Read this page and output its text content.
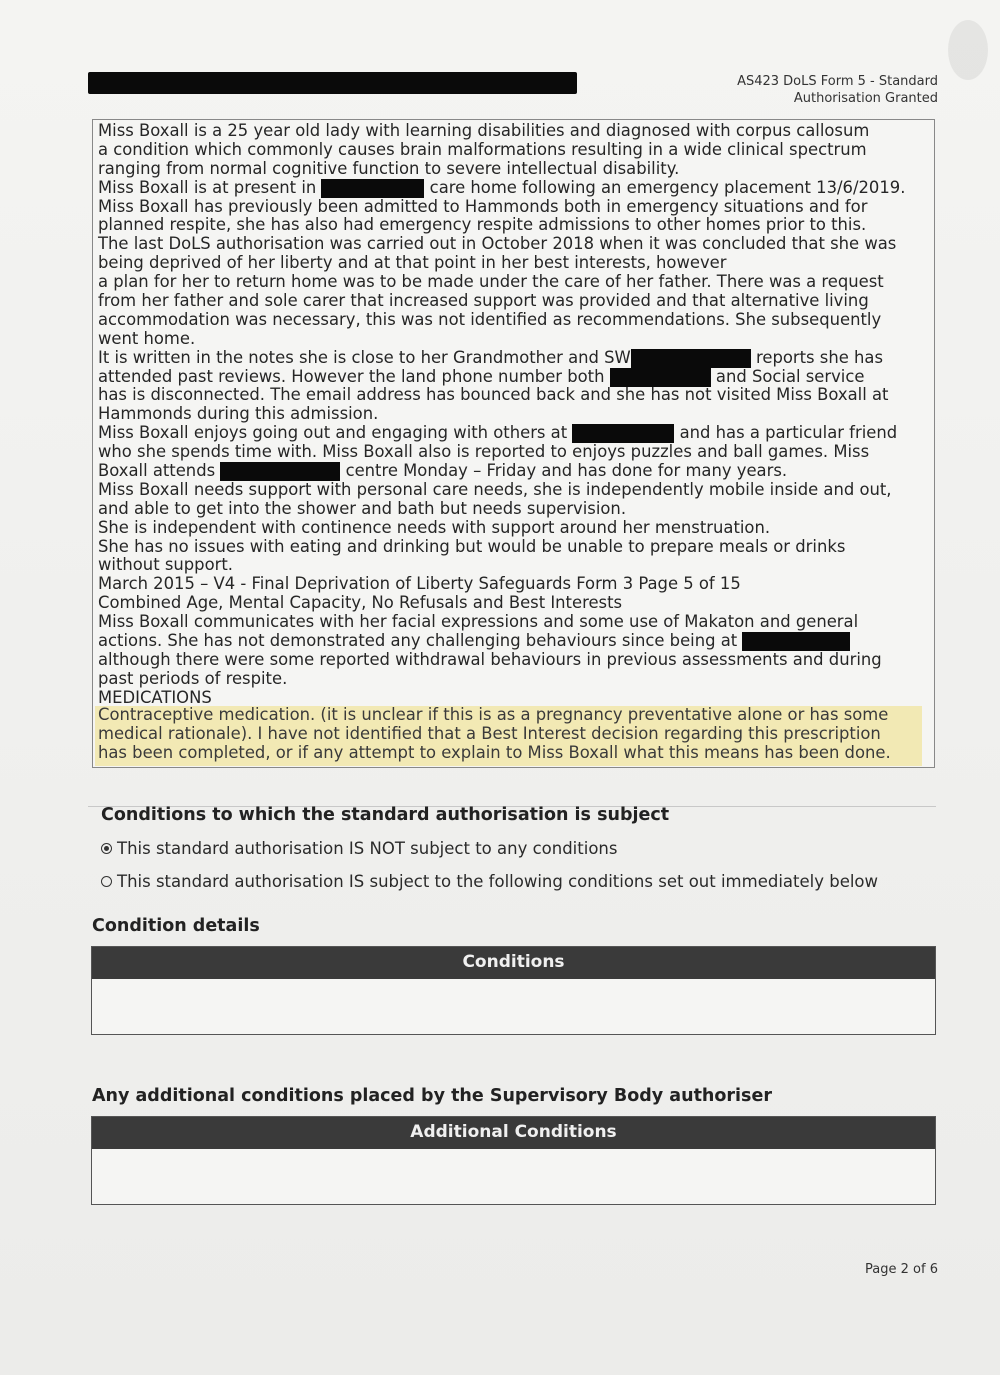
AS423 DoLS Form 5 - Standard
Authorisation Granted
Miss Boxall is a 25 year old lady with learning disabilities and diagnosed with corpus callosum
a condition which commonly causes brain malformations resulting in a wide clinical spectrum
ranging from normal cognitive function to severe intellectual disability.
Miss Boxall is at present in	care home following an emergency placement 13/6/2019.
Miss Boxall has previously been admitted to Hammonds both in emergency situations and for
planned respite, she has also had emergency respite admissions to other homes prior to this.
The last DoLS authorisation was carried out in October 2018 when it was concluded that she was
being deprived of her liberty and at that point in her best interests, however
a plan for her to return home was to be made under the care of her father. There was a request
from her father and sole carer that increased support was provided and that alternative living
accommodation was necessary, this was not identified as recommendations. She subsequently
went home.
It is written in the notes she is close to her Grandmother and SW	reports she has
attended past reviews. However the land phone number both	and Social service
has is disconnected. The email address has bounced back and she has not visited Miss Boxall at
Hammonds during this admission.
Miss Boxall enjoys going out and engaging with others at	and has a particular friend
who she spends time with. Miss Boxall also is reported to enjoys puzzles and ball games. Miss
Boxall attends	centre Monday – Friday and has done for many years.
Miss Boxall needs support with personal care needs, she is independently mobile inside and out,
and able to get into the shower and bath but needs supervision.
She is independent with continence needs with support around her menstruation.
She has no issues with eating and drinking but would be unable to prepare meals or drinks
without support.
March 2015 – V4 - Final Deprivation of Liberty Safeguards Form 3 Page 5 of 15
Combined Age, Mental Capacity, No Refusals and Best Interests
Miss Boxall communicates with her facial expressions and some use of Makaton and general
actions. She has not demonstrated any challenging behaviours since being at
although there were some reported withdrawal behaviours in previous assessments and during
past periods of respite.
MEDICATIONS
Contraceptive medication. (it is unclear if this is as a pregnancy preventative alone or has some
medical rationale). I have not identified that a Best Interest decision regarding this prescription
has been completed, or if any attempt to explain to Miss Boxall what this means has been done.
Conditions to which the standard authorisation is subject
This standard authorisation IS NOT subject to any conditions
This standard authorisation IS subject to the following conditions set out immediately below
Condition details
Conditions
Any additional conditions placed by the Supervisory Body authoriser
Additional Conditions
Page 2 of 6
